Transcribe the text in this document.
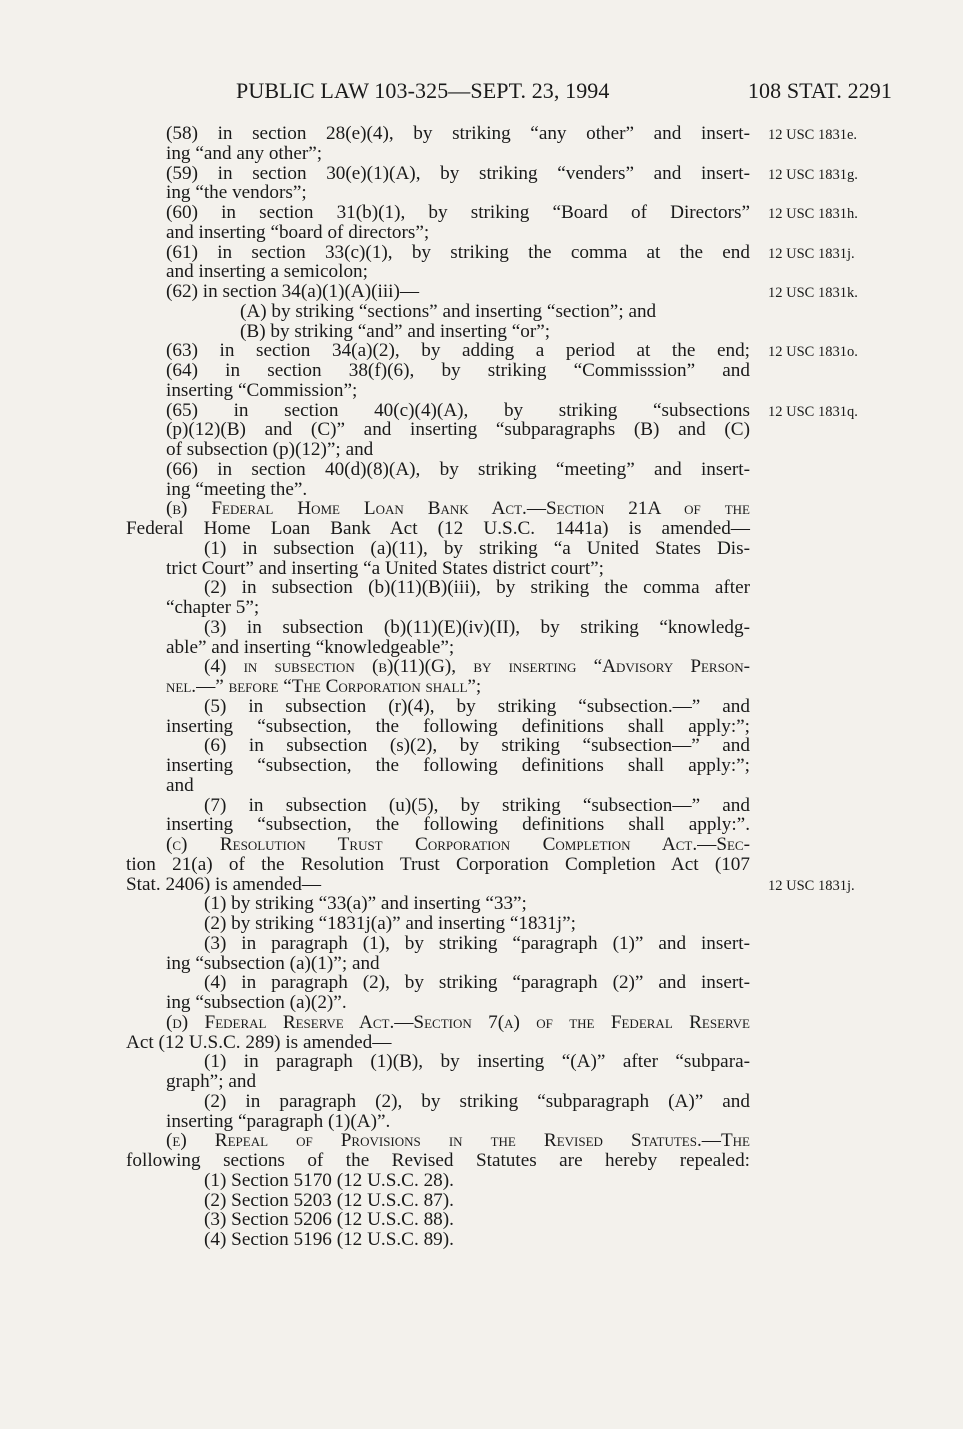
PUBLIC LAW 103-325—SEPT. 23, 1994	108 STAT. 2291
(58) in section 28(e)(4), by striking “any other” and insert-
ing “and any other”;
(59) in section 30(e)(1)(A), by striking “venders” and insert-
ing “the vendors”;
(60) in section 31(b)(1), by striking “Board of Directors”
and inserting “board of directors”;
(61) in section 33(c)(1), by striking the comma at the end
and inserting a semicolon;
(62) in section 34(a)(1)(A)(iii)—
(A) by striking “sections” and inserting “section”; and
(B) by striking “and” and inserting “or”;
(63) in section 34(a)(2), by adding a period at the end;
(64) in section 38(f)(6), by striking “Commisssion” and
inserting “Commission”;
(65) in section 40(c)(4)(A), by striking “subsections
(p)(12)(B) and (C)” and inserting “subparagraphs (B) and (C)
of subsection (p)(12)”; and
(66) in section 40(d)(8)(A), by striking “meeting” and insert-
ing “meeting the”.
(b) Federal Home Loan Bank Act.—Section 21A of the
Federal Home Loan Bank Act (12 U.S.C. 1441a) is amended—
(1) in subsection (a)(11), by striking “a United States Dis-
trict Court” and inserting “a United States district court”;
(2) in subsection (b)(11)(B)(iii), by striking the comma after
“chapter 5”;
(3) in subsection (b)(11)(E)(iv)(II), by striking “knowledg-
able” and inserting “knowledgeable”;
(4) in subsection (b)(11)(G), by inserting “Advisory Person-
nel.—” before “The Corporation shall”;
(5) in subsection (r)(4), by striking “subsection.—” and
inserting “subsection, the following definitions shall apply:”;
(6) in subsection (s)(2), by striking “subsection—” and
inserting “subsection, the following definitions shall apply:”;
and
(7) in subsection (u)(5), by striking “subsection—” and
inserting “subsection, the following definitions shall apply:”.
(c) Resolution Trust Corporation Completion Act.—Sec-
tion 21(a) of the Resolution Trust Corporation Completion Act (107
Stat. 2406) is amended—
(1) by striking “33(a)” and inserting “33”;
(2) by striking “1831j(a)” and inserting “1831j”;
(3) in paragraph (1), by striking “paragraph (1)” and insert-
ing “subsection (a)(1)”; and
(4) in paragraph (2), by striking “paragraph (2)” and insert-
ing “subsection (a)(2)”.
(d) Federal Reserve Act.—Section 7(a) of the Federal Reserve
Act (12 U.S.C. 289) is amended—
(1) in paragraph (1)(B), by inserting “(A)” after “subpara-
graph”; and
(2) in paragraph (2), by striking “subparagraph (A)” and
inserting “paragraph (1)(A)”.
(e) Repeal of Provisions in the Revised Statutes.—The
following sections of the Revised Statutes are hereby repealed:
(1) Section 5170 (12 U.S.C. 28).
(2) Section 5203 (12 U.S.C. 87).
(3) Section 5206 (12 U.S.C. 88).
(4) Section 5196 (12 U.S.C. 89).
12 USC 1831e.
12 USC 1831g.
12 USC 1831h.
12 USC 1831j.
12 USC 1831k.
12 USC 1831o.
12 USC 1831q.
12 USC 1831j.
